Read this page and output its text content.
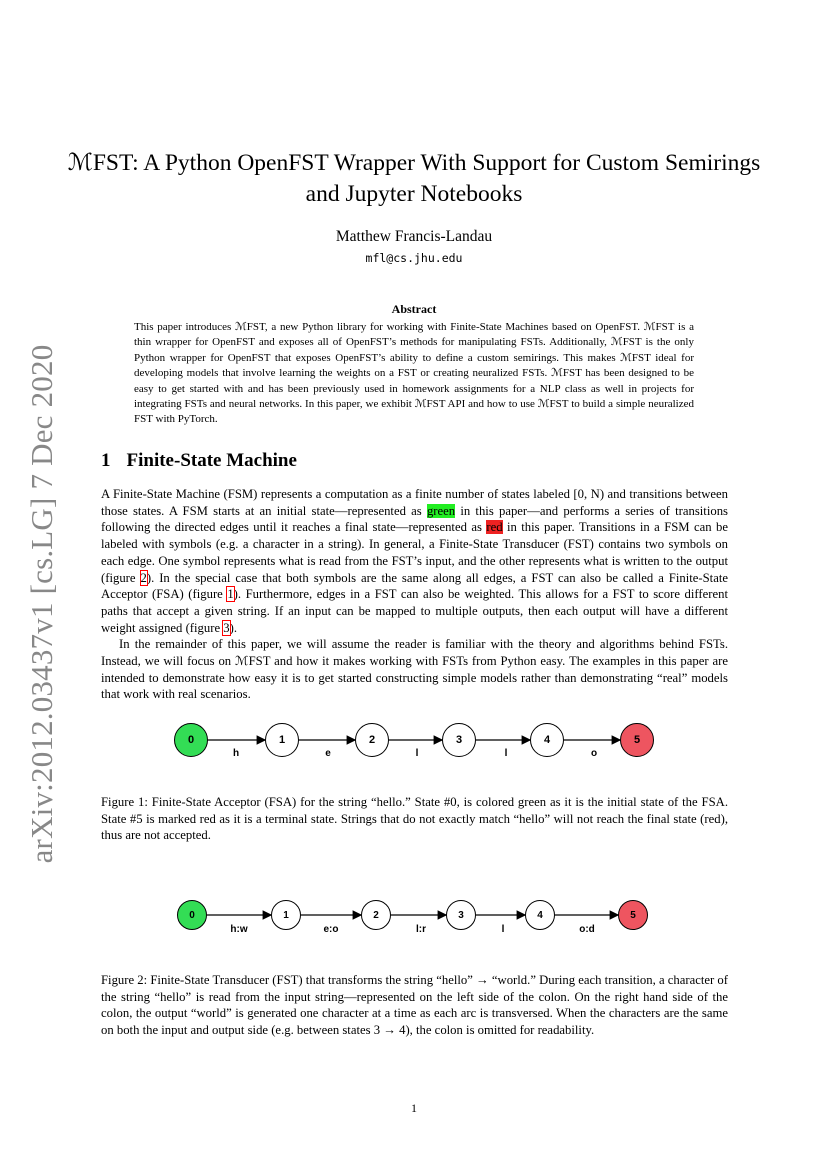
arXiv:2012.03437v1 [cs.LG] 7 Dec 2020
ℳFST: A Python OpenFST Wrapper With Support for Custom Semirings and Jupyter Notebooks
Matthew Francis-Landau
mfl@cs.jhu.edu
Abstract
This paper introduces ℳFST, a new Python library for working with Finite-State Machines based on OpenFST. ℳFST is a thin wrapper for OpenFST and exposes all of OpenFST’s methods for manipulating FSTs. Additionally, ℳFST is the only Python wrapper for OpenFST that exposes OpenFST’s ability to define a custom semirings. This makes ℳFST ideal for developing models that involve learning the weights on a FST or creating neuralized FSTs. ℳFST has been designed to be easy to get started with and has been previously used in homework assignments for a NLP class as well in projects for integrating FSTs and neural networks. In this paper, we exhibit ℳFST API and how to use ℳFST to build a simple neuralized FST with PyTorch.
1 Finite-State Machine

A Finite-State Machine (FSM) represents a computation as a finite number of states labeled [0, N) and transitions between those states. A FSM starts at an initial state—represented as green in this paper—and performs a series of transitions following the directed edges until it reaches a final state—represented as red in this paper. Transitions in a FSM can be labeled with symbols (e.g. a character in a string). In general, a Finite-State Transducer (FST) contains two symbols on each edge. One symbol represents what is read from the FST’s input, and the other represents what is written to the output (figure 2). In the special case that both symbols are the same along all edges, a FST can also be called a Finite-State Acceptor (FSA) (figure 1). Furthermore, edges in a FST can also be weighted. This allows for a FST to score different paths that accept a given string. If an input can be mapped to multiple outputs, then each output will have a different weight assigned (figure 3).

In the remainder of this paper, we will assume the reader is familiar with the theory and algorithms behind FSTs. Instead, we will focus on ℳFST and how it makes working with FSTs from Python easy. The examples in this paper are intended to demonstrate how easy it is to get started constructing simple models rather than demonstrating “real” models that work with real scenarios.

0	1	2	3	4	5
h	e	l	l	o
Figure 1: Finite-State Acceptor (FSA) for the string “hello.” State #0, is colored green as it is the initial state of the FSA. State #5 is marked red as it is a terminal state. Strings that do not exactly match “hello” will not reach the final state (red), thus are not accepted.
0	1	2	3	4	5
h:w	e:o	l:r	l	o:d
Figure 2: Finite-State Transducer (FST) that transforms the string “hello” → “world.” During each transition, a character of the string “hello” is read from the input string—represented on the left side of the colon. On the right hand side of the colon, the output “world” is generated one character at a time as each arc is transversed. When the characters are the same on both the input and output side (e.g. between states 3 → 4), the colon is omitted for readability.
1
